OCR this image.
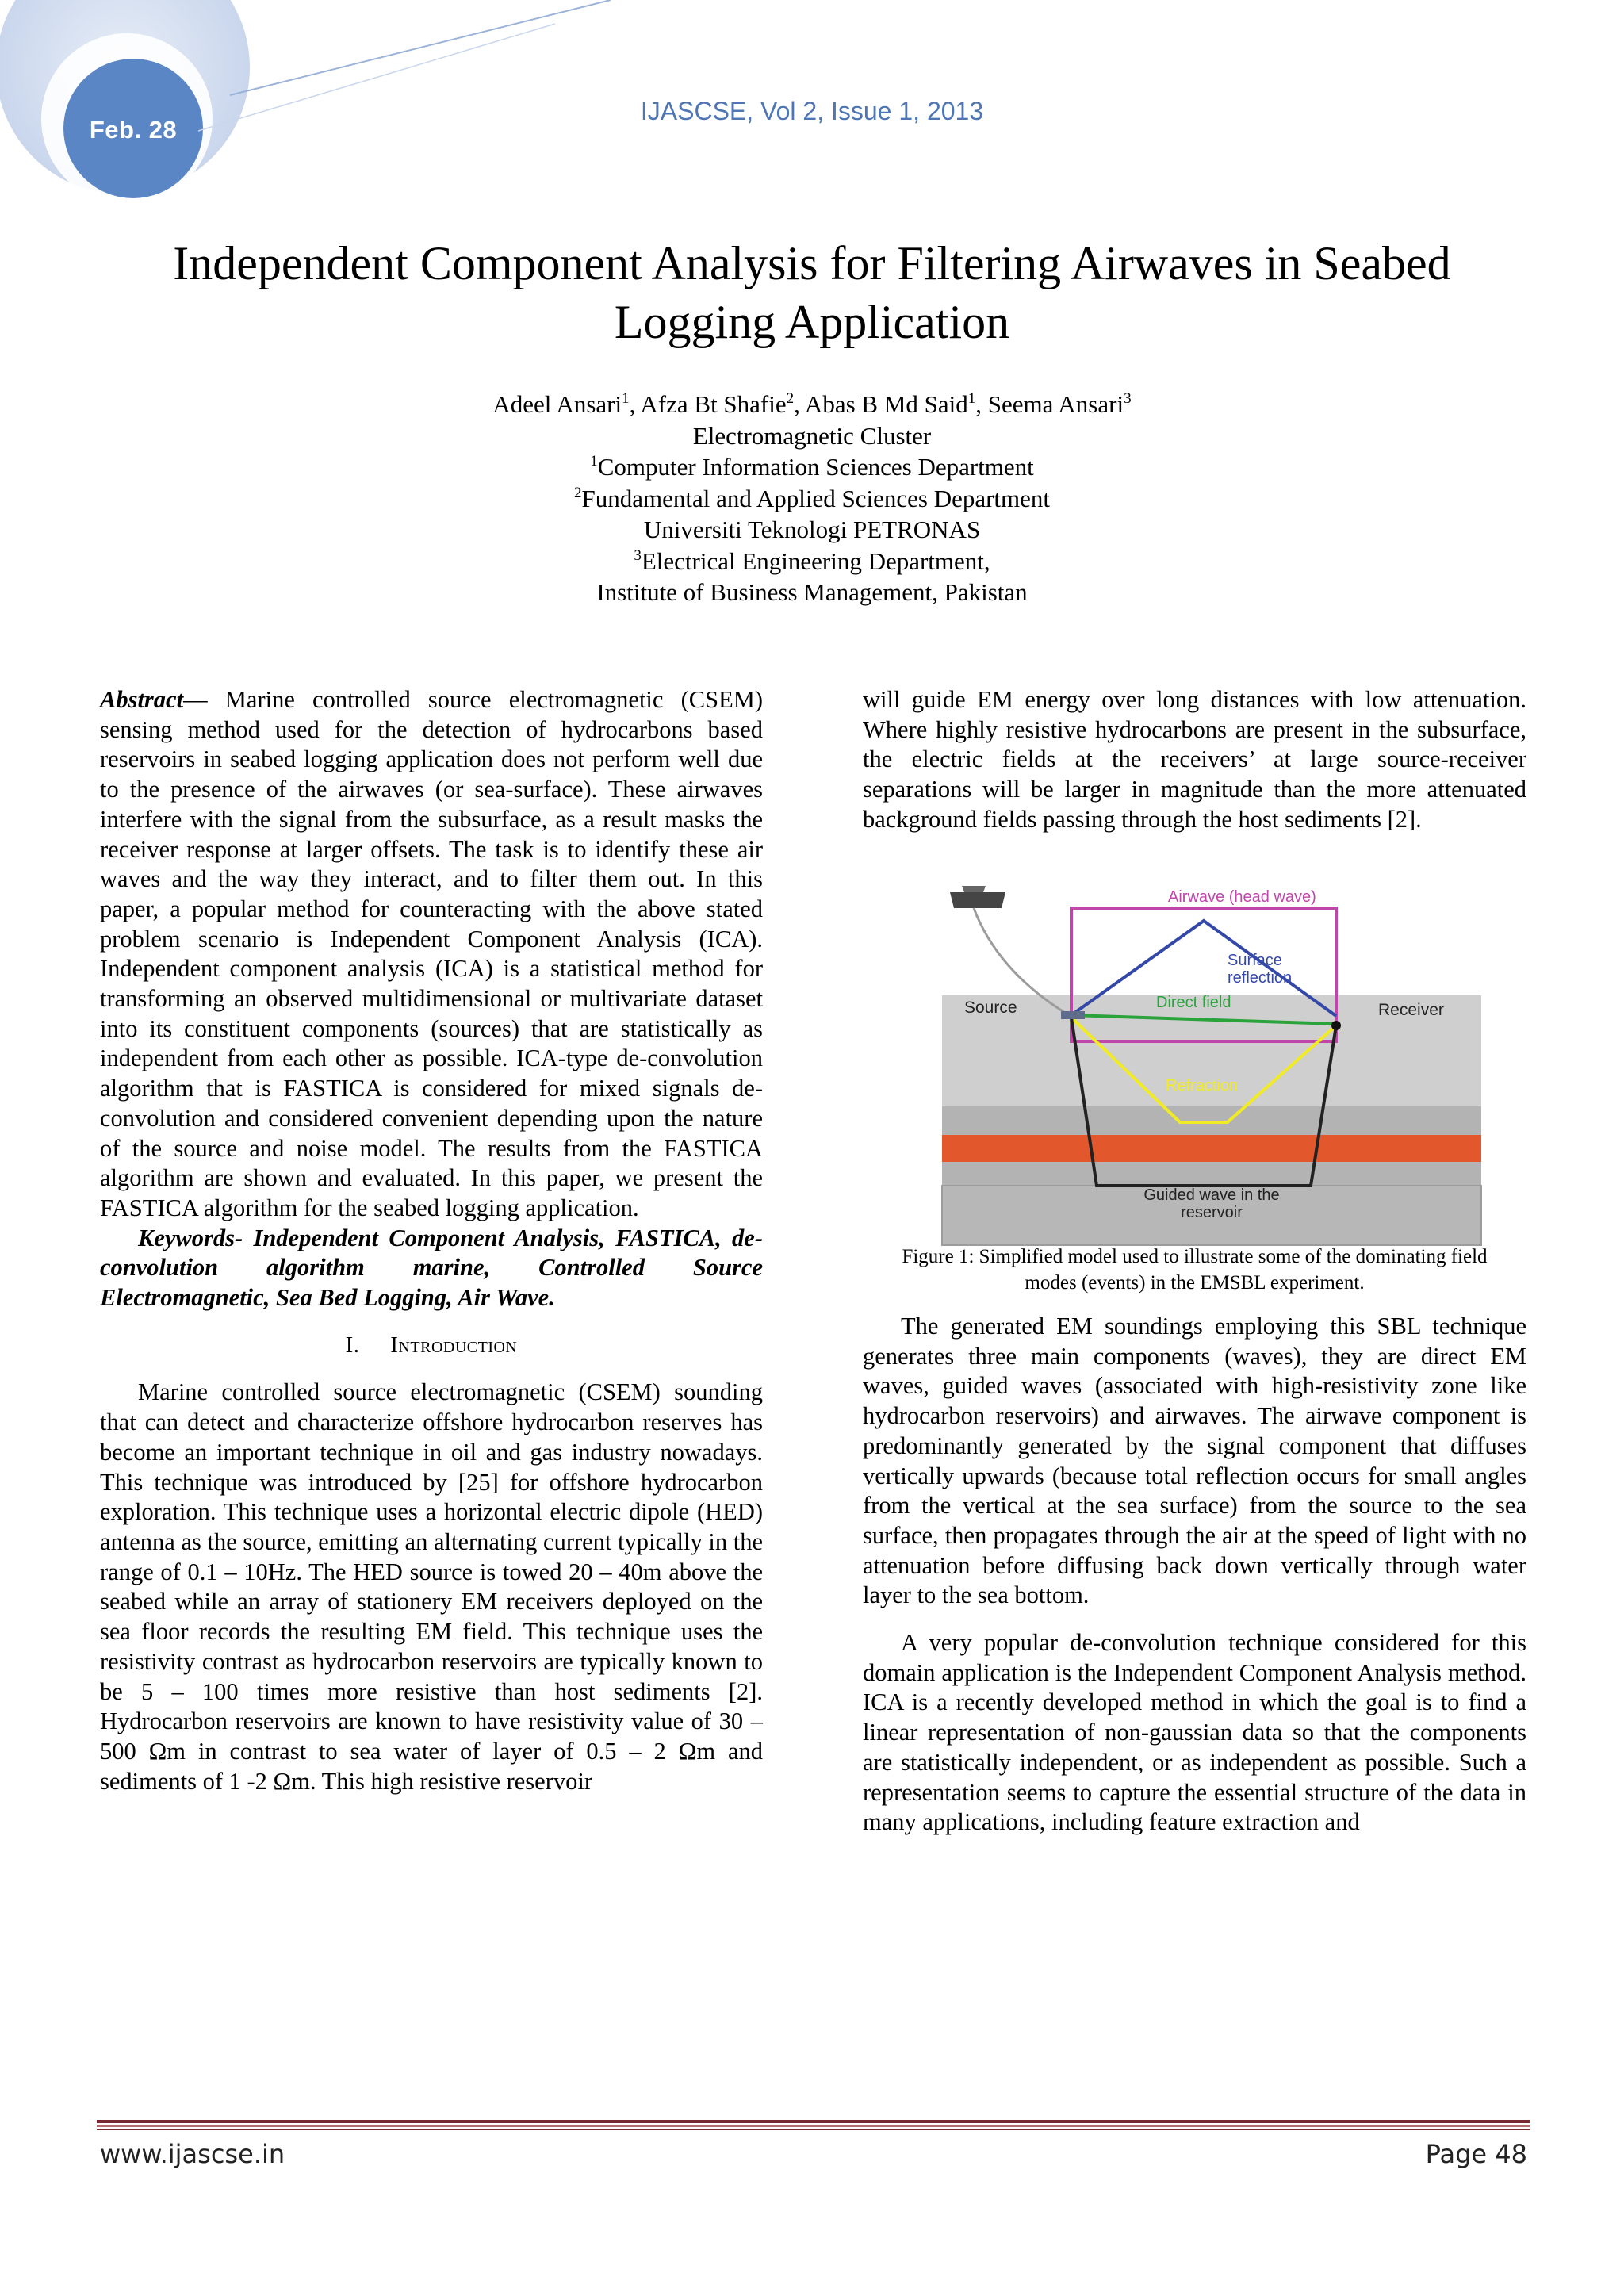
Feb. 28
IJASCSE, Vol 2, Issue 1, 2013
Independent Component Analysis for Filtering Airwaves in Seabed
Logging Application
Adeel Ansari$^1$, Afza Bt Shafie$^2$, Abas B Md Said$^1$, Seema Ansari$^3$
Electromagnetic Cluster
$^1$Computer Information Sciences Department
$^2$Fundamental and Applied Sciences Department
Universiti Teknologi PETRONAS
$^3$Electrical Engineering Department,
Institute of Business Management, Pakistan

Abstract— Marine controlled source electromagnetic (CSEM) sensing method used for the detection of hydrocarbons based reservoirs in seabed logging application does not perform well due to the presence of the airwaves (or sea-surface). These airwaves interfere with the signal from the subsurface, as a result masks the receiver response at larger offsets. The task is to identify these air waves and the way they interact, and to filter them out. In this paper, a popular method for counteracting with the above stated problem scenario is Independent Component Analysis (ICA). Independent component analysis (ICA) is a statistical method for transforming an observed multidimensional or multivariate dataset into its constituent components (sources) that are statistically as independent from each other as possible. ICA-type de-convolution algorithm that is FASTICA is considered for mixed signals de-convolution and considered convenient depending upon the nature of the source and noise model. The results from the FASTICA algorithm are shown and evaluated. In this paper, we present the FASTICA algorithm for the seabed logging application.

Keywords- Independent Component Analysis, FASTICA, de-convolution algorithm marine, Controlled Source Electromagnetic, Sea Bed Logging, Air Wave.

I. Introduction

Marine controlled source electromagnetic (CSEM) sounding that can detect and characterize offshore hydrocarbon reserves has become an important technique in oil and gas industry nowadays. This technique was introduced by [25] for offshore hydrocarbon exploration. This technique uses a horizontal electric dipole (HED) antenna as the source, emitting an alternating current typically in the range of 0.1 – 10Hz. The HED source is towed 20 – 40m above the seabed while an array of stationery EM receivers deployed on the sea floor records the resulting EM field. This technique uses the resistivity contrast as hydrocarbon reservoirs are typically known to be 5 – 100 times more resistive than host sediments [2]. Hydrocarbon reservoirs are known to have resistivity value of 30 – 500 Ωm in contrast to sea water of layer of 0.5 – 2 Ωm and sediments of 1 -2 Ωm. This high resistive reservoir

will guide EM energy over long distances with low attenuation. Where highly resistive hydrocarbons are present in the subsurface, the electric fields at the receivers’ at large source-receiver separations will be larger in magnitude than the more attenuated background fields passing through the host sediments [2].

Airwave (head wave)
Surface
reflection
Direct field
Source	Receiver
Refraction
Guided wave in the
reservoir
Figure 1: Simplified model used to illustrate some of the dominating field
modes (events) in the EMSBL experiment.

The generated EM soundings employing this SBL technique generates three main components (waves), they are direct EM waves, guided waves (associated with high-resistivity zone like hydrocarbon reservoirs) and airwaves. The airwave component is predominantly generated by the signal component that diffuses vertically upwards (because total reflection occurs for small angles from the vertical at the sea surface) from the source to the sea surface, then propagates through the air at the speed of light with no attenuation before diffusing back down vertically through water layer to the sea bottom.

A very popular de-convolution technique considered for this domain application is the Independent Component Analysis method. ICA is a recently developed method in which the goal is to find a linear representation of non-gaussian data so that the components are statistically independent, or as independent as possible. Such a representation seems to capture the essential structure of the data in many applications, including feature extraction and

www.ijascse.in	Page 48
